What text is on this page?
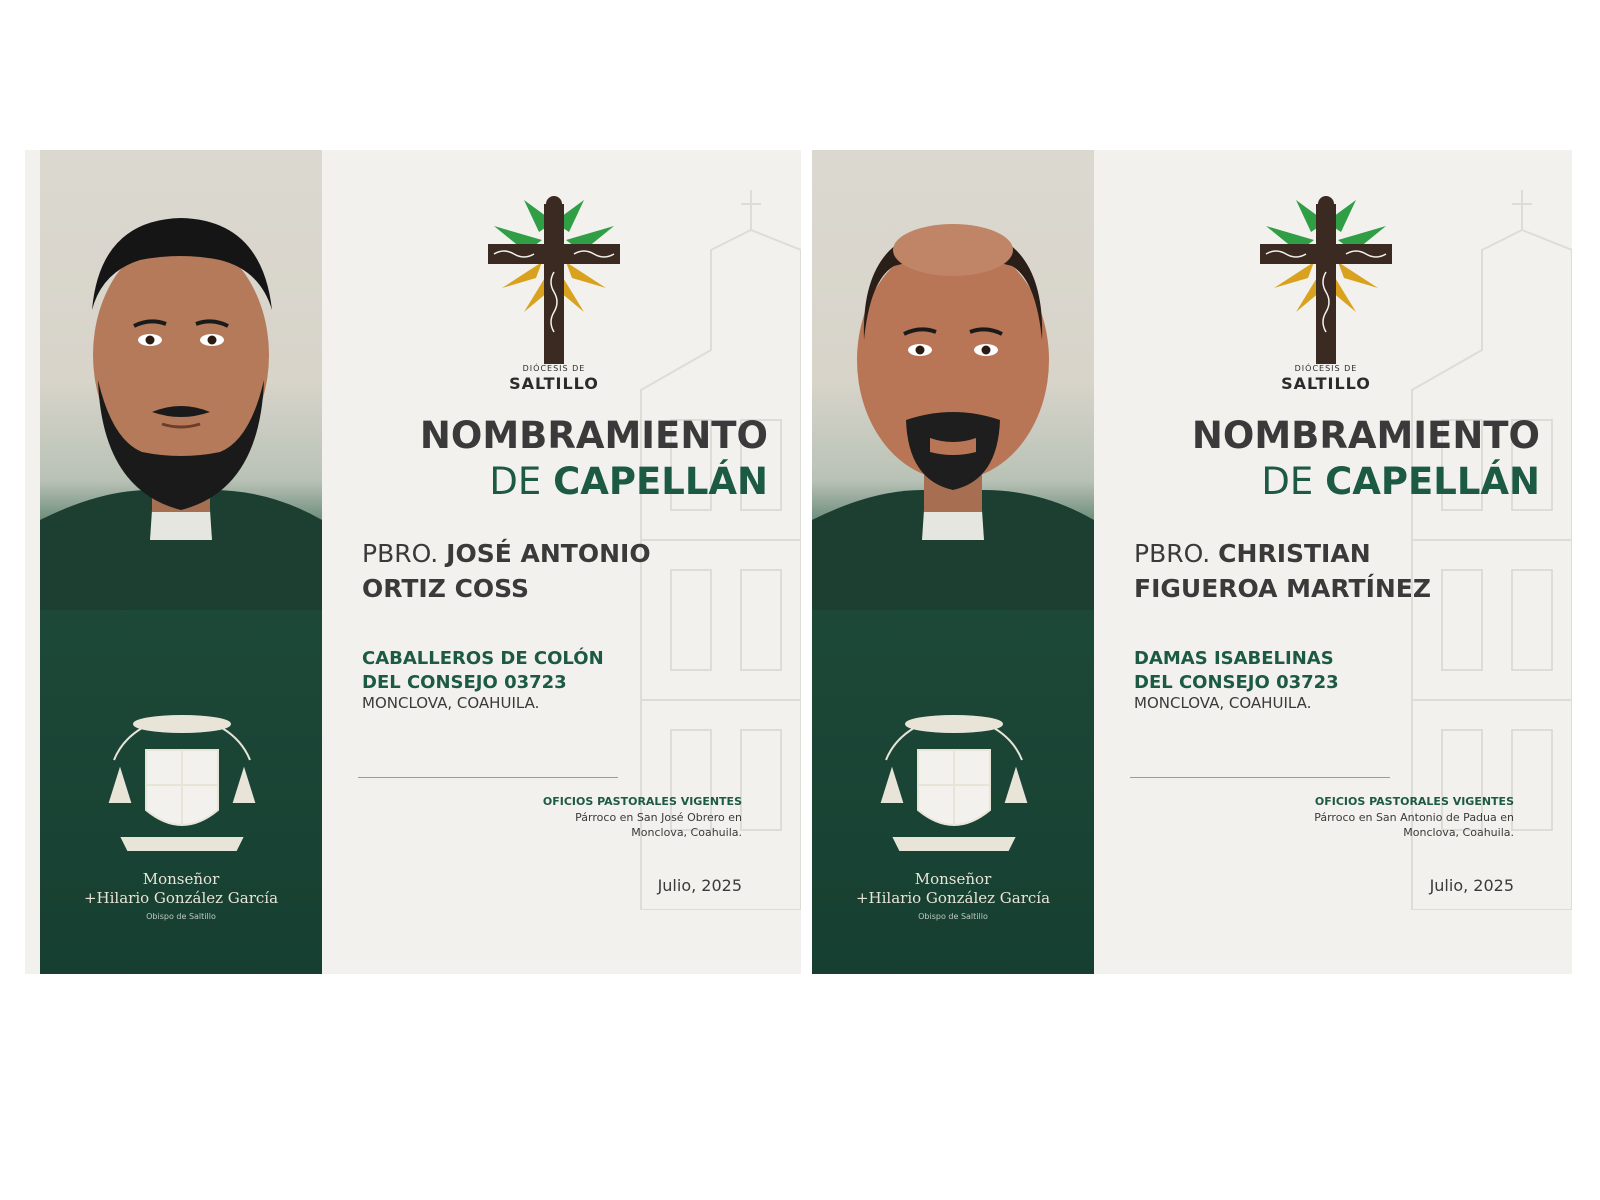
Monseñor
+Hilario González García
Obispo de Saltillo
DIÓCESIS DE
SALTILLO
NOMBRAMIENTO
DE CAPELLÁN
PBRO. JOSÉ ANTONIO
ORTIZ COSS
CABALLEROS DE COLÓN
DEL CONSEJO 03723
MONCLOVA, COAHUILA.
OFICIOS PASTORALES VIGENTES
Párroco en San José Obrero en
Monclova, Coahuila.
Julio, 2025	Monseñor
+Hilario González García
Obispo de Saltillo
DIÓCESIS DE
SALTILLO
NOMBRAMIENTO
DE CAPELLÁN
PBRO. CHRISTIAN
FIGUEROA MARTÍNEZ
DAMAS ISABELINAS
DEL CONSEJO 03723
MONCLOVA, COAHUILA.
OFICIOS PASTORALES VIGENTES
Párroco en San Antonio de Padua en
Monclova, Coahuila.
Julio, 2025
